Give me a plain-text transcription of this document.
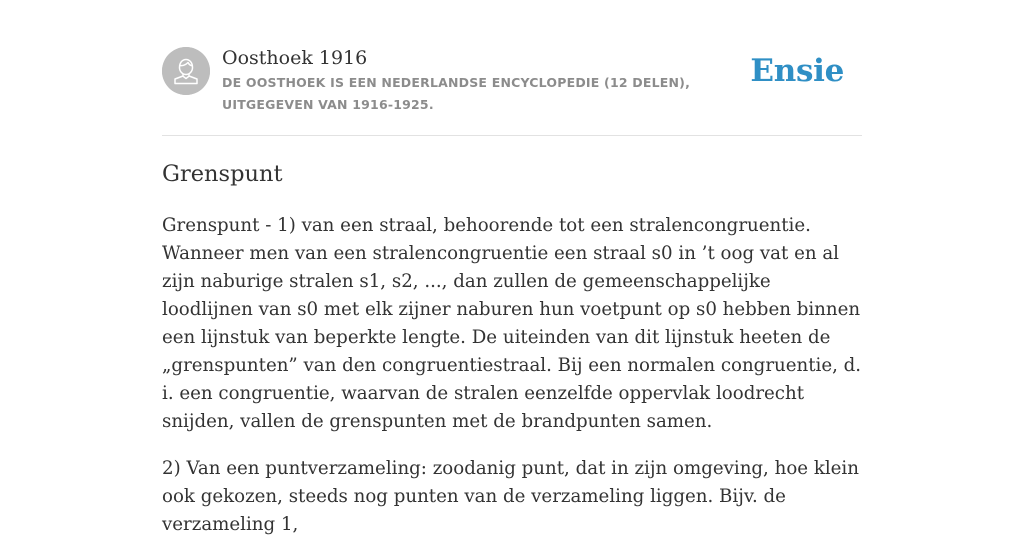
Oosthoek 1916
DE OOSTHOEK IS EEN NEDERLANDSE ENCYCLOPEDIE (12 DELEN), UITGEGEVEN VAN 1916-1925.
Ensie
Grenspunt

Grenspunt - 1) van een straal, behoorende tot een stralencongruentie. Wanneer men van een stralencongruentie een straal s0 in ’t oog vat en al zijn naburige stralen s1, s2, ..., dan zullen de gemeenschappelijke loodlijnen van s0 met elk zijner naburen hun voetpunt op s0 hebben binnen een lijnstuk van beperkte lengte. De uiteinden van dit lijnstuk heeten de „grenspunten” van den congruentiestraal. Bij een normalen congruentie, d. i. een congruentie, waarvan de stralen eenzelfde oppervlak loodrecht snijden, vallen de grenspunten met de brandpunten samen.

2) Van een puntverzameling: zoodanig punt, dat in zijn omgeving, hoe klein ook gekozen, steeds nog punten van de verzameling liggen. Bijv. de verzameling 1,
